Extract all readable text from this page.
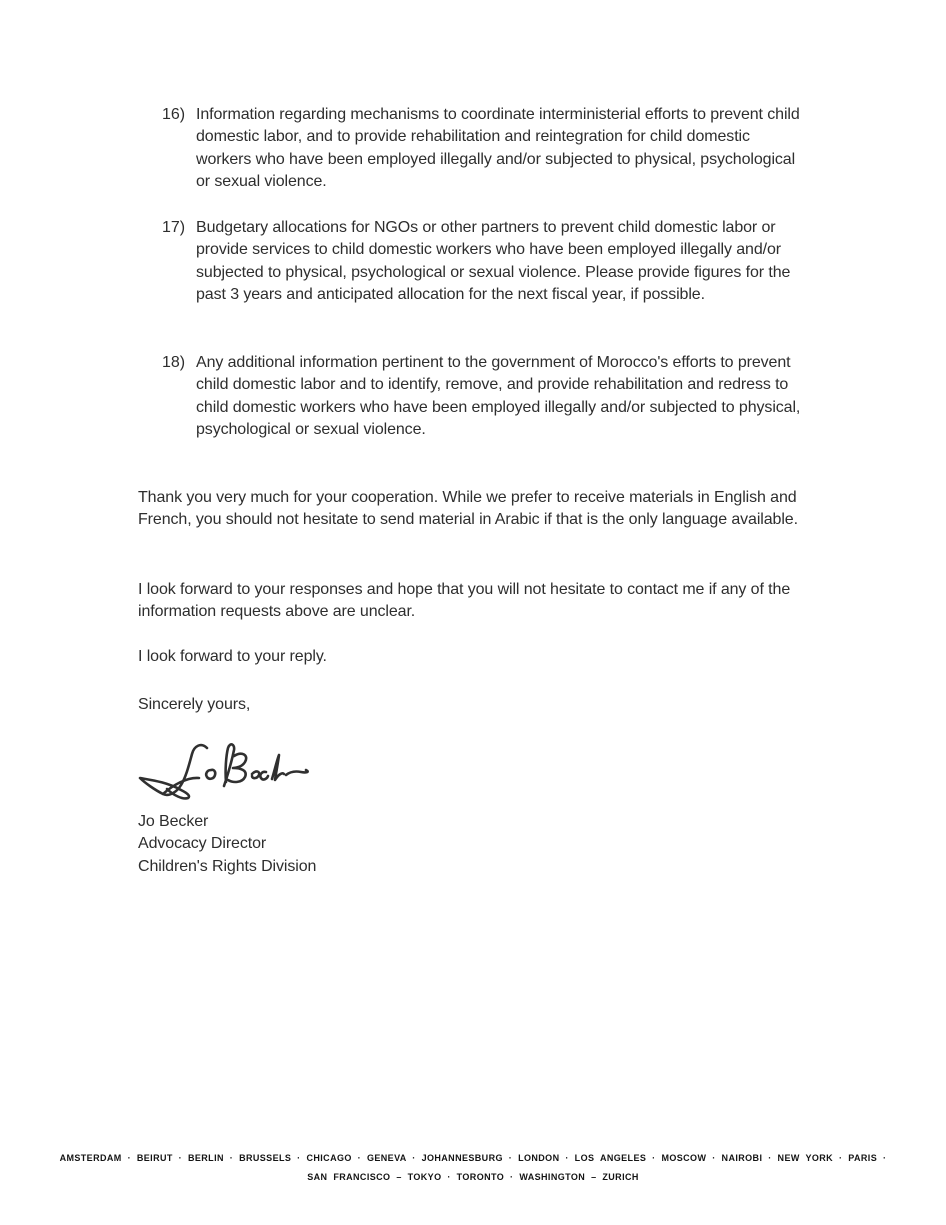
16) Information regarding mechanisms to coordinate interministerial efforts to prevent child domestic labor, and to provide rehabilitation and reintegration for child domestic workers who have been employed illegally and/or subjected to physical, psychological or sexual violence.

17) Budgetary allocations for NGOs or other partners to prevent child domestic labor or provide services to child domestic workers who have been employed illegally and/or subjected to physical, psychological or sexual violence. Please provide figures for the past 3 years and anticipated allocation for the next fiscal year, if possible.

18) Any additional information pertinent to the government of Morocco's efforts to prevent child domestic labor and to identify, remove, and provide rehabilitation and redress to child domestic workers who have been employed illegally and/or subjected to physical, psychological or sexual violence.

Thank you very much for your cooperation. While we prefer to receive materials in English and French, you should not hesitate to send material in Arabic if that is the only language available.

I look forward to your responses and hope that you will not hesitate to contact me if any of the information requests above are unclear.

I look forward to your reply.

Sincerely yours,

Jo Becker

Advocacy Director

Children's Rights Division

AMSTERDAM · BEIRUT · BERLIN · BRUSSELS · CHICAGO · GENEVA · JOHANNESBURG · LONDON · LOS ANGELES · MOSCOW · NAIROBI · NEW YORK · PARIS ·

SAN FRANCISCO – TOKYO · TORONTO · WASHINGTON – ZURICH
